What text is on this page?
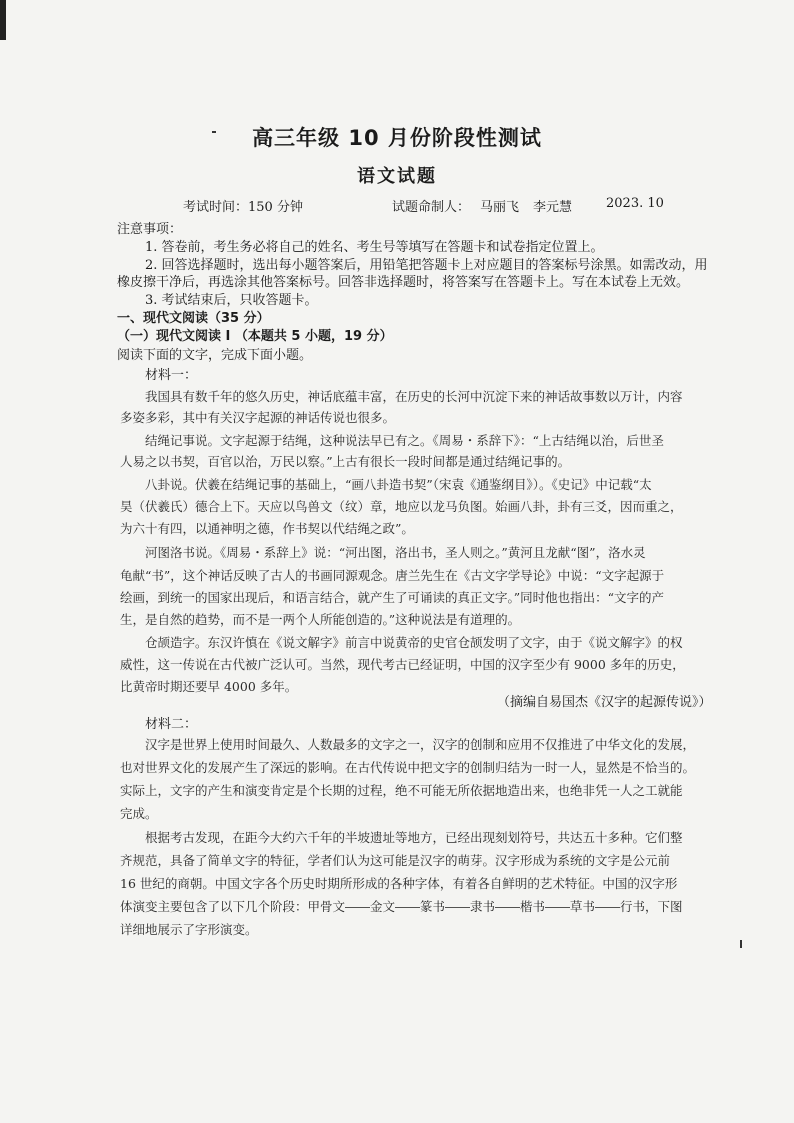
高三年级 10 月份阶段性测试
语文试题
考试时间：150 分钟	试题命制人： 马丽飞 李元慧	2023. 10
注意事项：
1. 答卷前，考生务必将自己的姓名、考生号等填写在答题卡和试卷指定位置上。
2. 回答选择题时，选出每小题答案后，用铅笔把答题卡上对应题目的答案标号涂黑。如需改动，用
橡皮擦干净后，再选涂其他答案标号。回答非选择题时，将答案写在答题卡上。写在本试卷上无效。
3. 考试结束后，只收答题卡。
一、现代文阅读（35 分）
（一）现代文阅读 Ⅰ （本题共 5 小题，19 分）
阅读下面的文字，完成下面小题。
材料一：
我国具有数千年的悠久历史，神话底蕴丰富，在历史的长河中沉淀下来的神话故事数以万计，内容
多姿多彩，其中有关汉字起源的神话传说也很多。
结绳记事说。文字起源于结绳，这种说法早已有之。《周易・系辞下》：“上古结绳以治，后世圣
人易之以书契，百官以治，万民以察。”上古有很长一段时间都是通过结绳记事的。
八卦说。伏羲在结绳记事的基础上，“画八卦造书契”（宋袁《通鉴纲目》）。《史记》中记载“太
昊（伏羲氏）德合上下。天应以鸟兽文（纹）章，地应以龙马负图。始画八卦，卦有三爻，因而重之，
为六十有四，以通神明之德，作书契以代结绳之政”。
河图洛书说。《周易・系辞上》说：“河出图，洛出书，圣人则之。”黄河且龙献“图”，洛水灵
龟献“书”，这个神话反映了古人的书画同源观念。唐兰先生在《古文字学导论》中说：“文字起源于
绘画，到统一的国家出现后，和语言结合，就产生了可诵读的真正文字。”同时他也指出：“文字的产
生，是自然的趋势，而不是一两个人所能创造的。”这种说法是有道理的。
仓颉造字。东汉许慎在《说文解字》前言中说黄帝的史官仓颉发明了文字，由于《说文解字》的权
威性，这一传说在古代被广泛认可。当然，现代考古已经证明，中国的汉字至少有 9000 多年的历史，
比黄帝时期还要早 4000 多年。
（摘编自易国杰《汉字的起源传说》）
材料二：
汉字是世界上使用时间最久、人数最多的文字之一，汉字的创制和应用不仅推进了中华文化的发展，
也对世界文化的发展产生了深远的影响。在古代传说中把文字的创制归结为一时一人，显然是不恰当的。
实际上，文字的产生和演变肯定是个长期的过程，绝不可能无所依据地造出来，也绝非凭一人之工就能
完成。
根据考古发现，在距今大约六千年的半坡遗址等地方，已经出现刻划符号，共达五十多种。它们整
齐规范，具备了简单文字的特征，学者们认为这可能是汉字的萌芽。汉字形成为系统的文字是公元前
16 世纪的商朝。中国文字各个历史时期所形成的各种字体，有着各自鲜明的艺术特征。中国的汉字形
体演变主要包含了以下几个阶段：甲骨文――金文――篆书――隶书――楷书――草书――行书，下图
详细地展示了字形演变。
